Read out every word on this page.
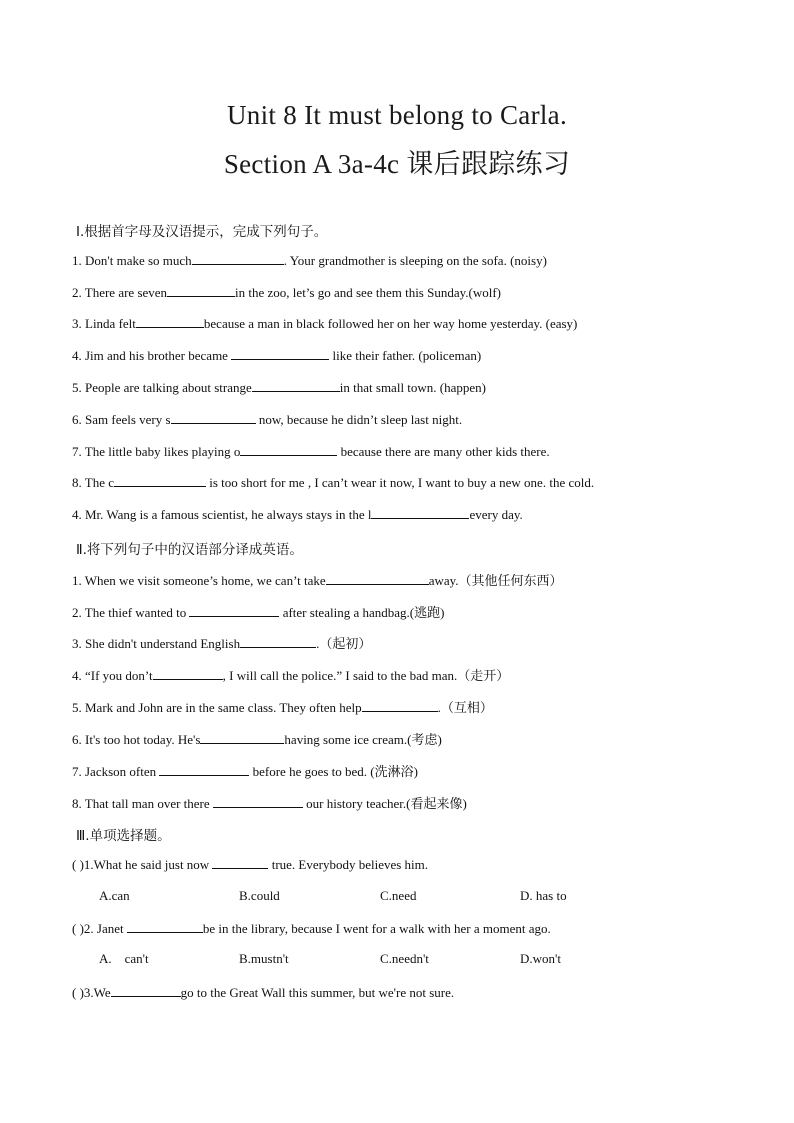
Unit 8 It must belong to Carla.
Section A 3a-4c 课后跟踪练习
Ⅰ.根据首字母及汉语提示，完成下列句子。
1. Don't make so much	. Your grandmother is sleeping on the sofa. (noisy)
2. There are seven	in the zoo, let’s go and see them this Sunday.(wolf)
3. Linda felt	because a man in black followed her on her way home yesterday. (easy)
4. Jim and his brother became	like their father. (policeman)
5. People are talking about strange	in that small town. (happen)
6. Sam feels very s	now, because he didn’t sleep last night.
7. The little baby likes playing o	because there are many other kids there.
8. The c	is too short for me , I can’t wear it now, I want to buy a new one. the cold.
4. Mr. Wang is a famous scientist, he always stays in the l	every day.
Ⅱ.将下列句子中的汉语部分译成英语。
1. When we visit someone’s home, we can’t take	away.（其他任何东西）
2. The thief wanted to	after stealing a handbag.(逃跑)
3. She didn't understand English	.（起初）
4. “If you don’t	, I will call the police.” I said to the bad man.（走开）
5. Mark and John are in the same class. They often help	.（互相）
6. It's too hot today. He's	having some ice cream.(考虑)
7. Jackson often	before he goes to bed. (洗淋浴)
8. That tall man over there	our history teacher.(看起来像)
Ⅲ.单项选择题。
( )1.What he said just now	true. Everybody believes him.
A.can	B.could	C.need	D. has to
( )2. Janet	be in the library, because I went for a walk with her a moment ago.
A.    can't	B.mustn't	C.needn't	D.won't
( )3.We	go to the Great Wall this summer, but we're not sure.
